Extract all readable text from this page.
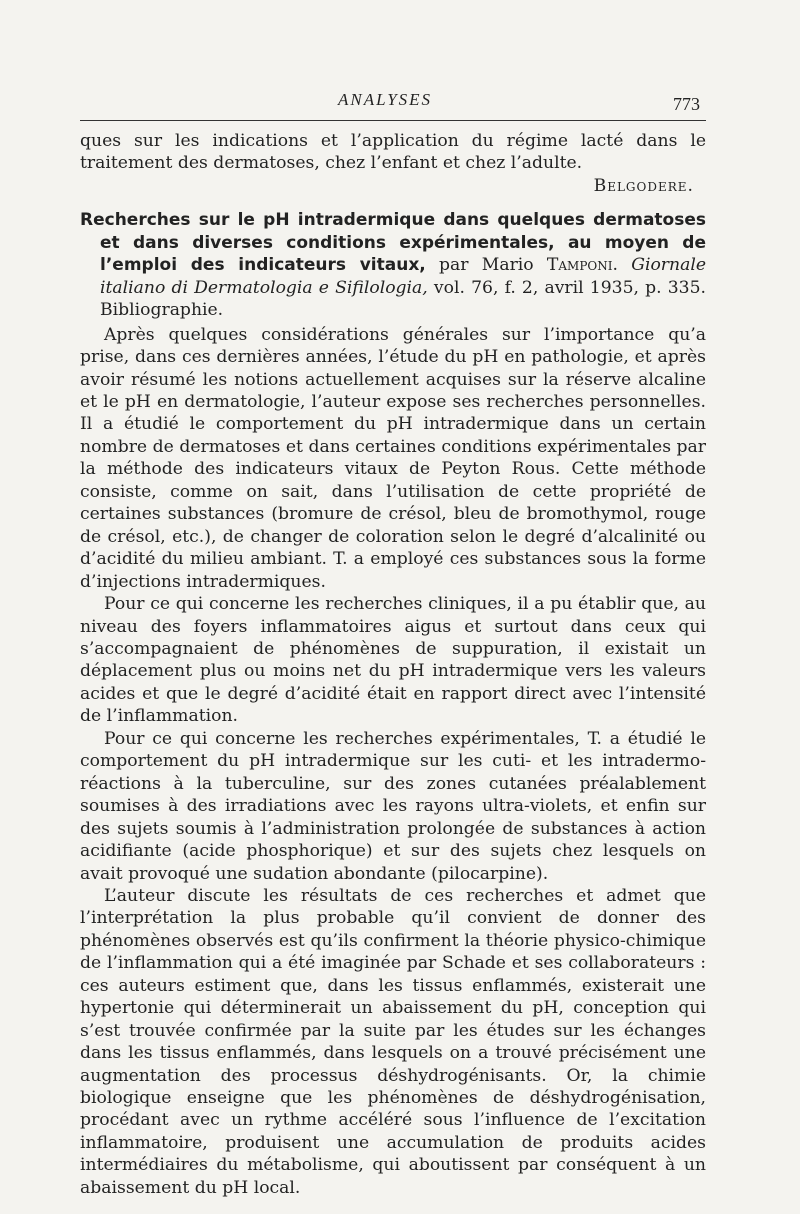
ANALYSES	773

ques sur les indications et l’application du régime lacté dans le traitement des dermatoses, chez l’enfant et chez l’adulte.

Belgodere.

Recherches sur le pH intradermique dans quelques dermatoses et dans diverses conditions expérimentales, au moyen de l’emploi des indicateurs vitaux, par Mario Tamponi. Giornale italiano di Dermatologia e Sifilologia, vol. 76, f. 2, avril 1935, p. 335. Bibliographie.

Après quelques considérations générales sur l’importance qu’a prise, dans ces dernières années, l’étude du pH en pathologie, et après avoir résumé les notions actuellement acquises sur la réserve alcaline et le pH en dermatologie, l’auteur expose ses recherches personnelles. Il a étudié le comportement du pH intradermique dans un certain nombre de dermatoses et dans certaines conditions expérimentales par la méthode des indicateurs vitaux de Peyton Rous. Cette méthode consiste, comme on sait, dans l’utilisation de cette propriété de certaines substances (bromure de crésol, bleu de bromothymol, rouge de crésol, etc.), de changer de coloration selon le degré d’alcalinité ou d’acidité du milieu ambiant. T. a employé ces substances sous la forme d’injections intradermiques.

Pour ce qui concerne les recherches cliniques, il a pu établir que, au niveau des foyers inflammatoires aigus et surtout dans ceux qui s’accompagnaient de phénomènes de suppuration, il existait un déplacement plus ou moins net du pH intradermique vers les valeurs acides et que le degré d’acidité était en rapport direct avec l’intensité de l’inflammation.

Pour ce qui concerne les recherches expérimentales, T. a étudié le comportement du pH intradermique sur les cuti- et les intradermo-réactions à la tuberculine, sur des zones cutanées préalablement soumises à des irradiations avec les rayons ultra-violets, et enfin sur des sujets soumis à l’administration prolongée de substances à action acidifiante (acide phosphorique) et sur des sujets chez lesquels on avait provoqué une sudation abondante (pilocarpine).

L’auteur discute les résultats de ces recherches et admet que l’interprétation la plus probable qu’il convient de donner des phénomènes observés est qu’ils confirment la théorie physico-chimique de l’inflammation qui a été imaginée par Schade et ses collaborateurs : ces auteurs estiment que, dans les tissus enflammés, existerait une hypertonie qui déterminerait un abaissement du pH, conception qui s’est trouvée confirmée par la suite par les études sur les échanges dans les tissus enflammés, dans lesquels on a trouvé précisément une augmentation des processus déshydrogénisants. Or, la chimie biologique enseigne que les phénomènes de déshydrogénisation, procédant avec un rythme accéléré sous l’influence de l’excitation inflammatoire, produisent une accumulation de produits acides intermédiaires du métabolisme, qui aboutissent par conséquent à un abaissement du pH local.
